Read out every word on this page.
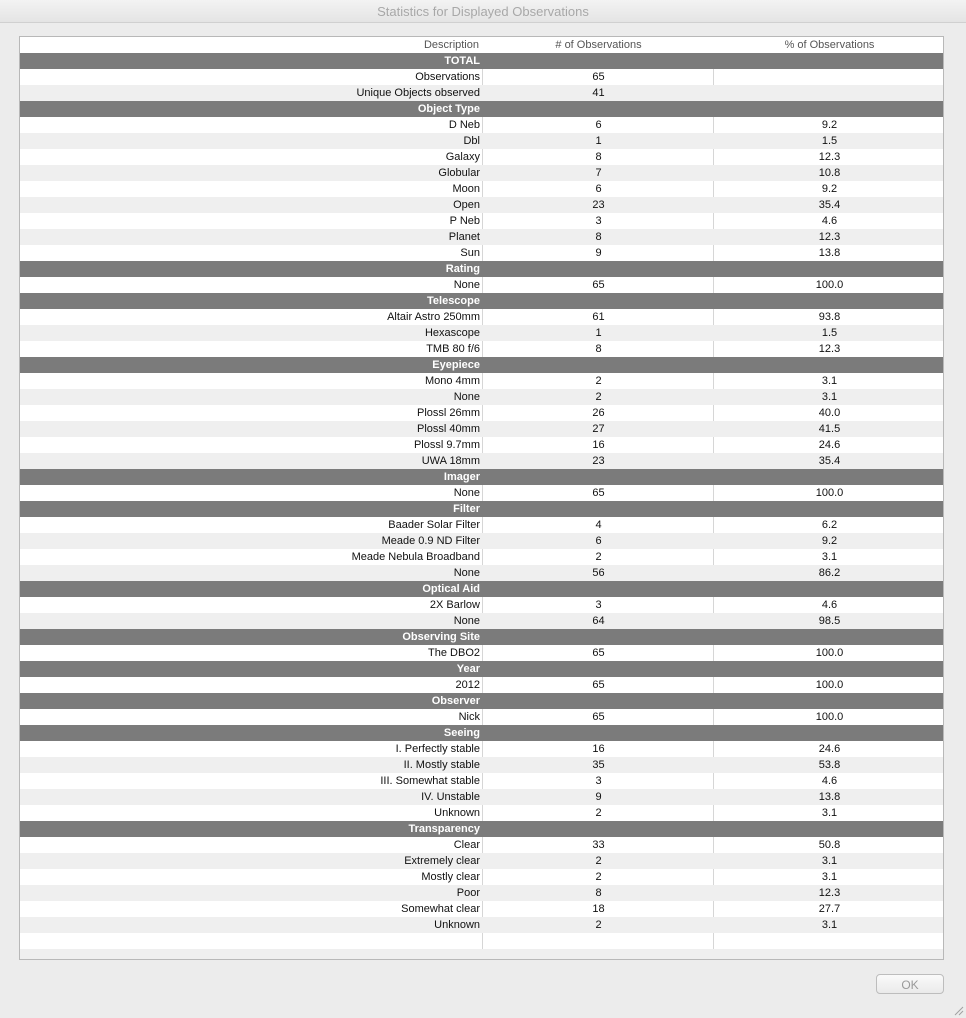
Statistics for Displayed Observations
Description	# of Observations	% of Observations
TOTAL
Observations	65
Unique Objects observed	41
Object Type
D Neb	6	9.2
Dbl	1	1.5
Galaxy	8	12.3
Globular	7	10.8
Moon	6	9.2
Open	23	35.4
P Neb	3	4.6
Planet	8	12.3
Sun	9	13.8
Rating
None	65	100.0
Telescope
Altair Astro 250mm	61	93.8
Hexascope	1	1.5
TMB 80 f/6	8	12.3
Eyepiece
Mono 4mm	2	3.1
None	2	3.1
Plossl 26mm	26	40.0
Plossl 40mm	27	41.5
Plossl 9.7mm	16	24.6
UWA 18mm	23	35.4
Imager
None	65	100.0
Filter
Baader Solar Filter	4	6.2
Meade 0.9 ND Filter	6	9.2
Meade Nebula Broadband	2	3.1
None	56	86.2
Optical Aid
2X Barlow	3	4.6
None	64	98.5
Observing Site
The DBO2	65	100.0
Year
2012	65	100.0
Observer
Nick	65	100.0
Seeing
I. Perfectly stable	16	24.6
II. Mostly stable	35	53.8
III. Somewhat stable	3	4.6
IV. Unstable	9	13.8
Unknown	2	3.1
Transparency
Clear	33	50.8
Extremely clear	2	3.1
Mostly clear	2	3.1
Poor	8	12.3
Somewhat clear	18	27.7
Unknown	2	3.1
OK
